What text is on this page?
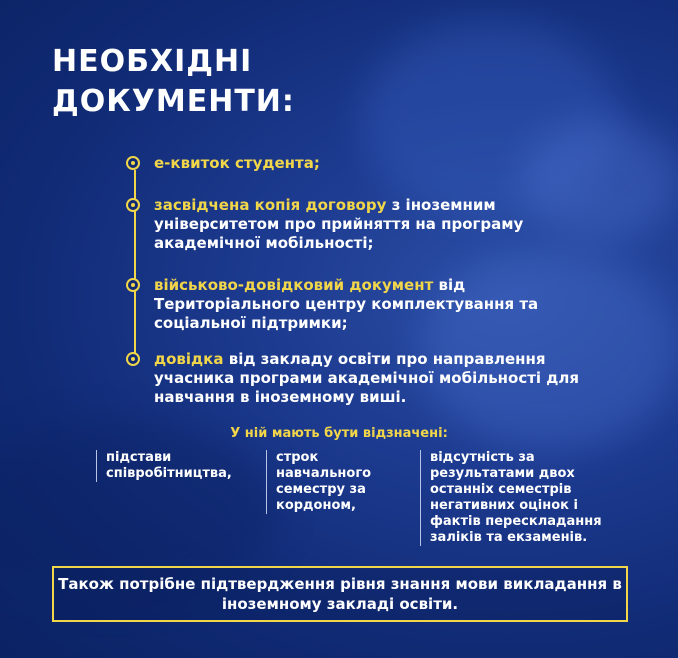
НЕОБХІДНІ
ДОКУМЕНТИ:
е-квиток студента;
засвідчена копія договору з іноземним університетом про прийняття на програму академічної мобільності;
військово-довідковий документ від Територіального центру комплектування та соціальної підтримки;
довідка від закладу освіти про направлення учасника програми академічної мобільності для навчання в іноземному виші.
У ній мають бути відзначені:
підстави співробітництва,
строк навчального семестру за кордоном,
відсутність за результатами двох останніх семестрів негативних оцінок і фактів перескладання заліків та екзаменів.
Також потрібне підтвердження рівня знання мови викладання в іноземному закладі освіти.
